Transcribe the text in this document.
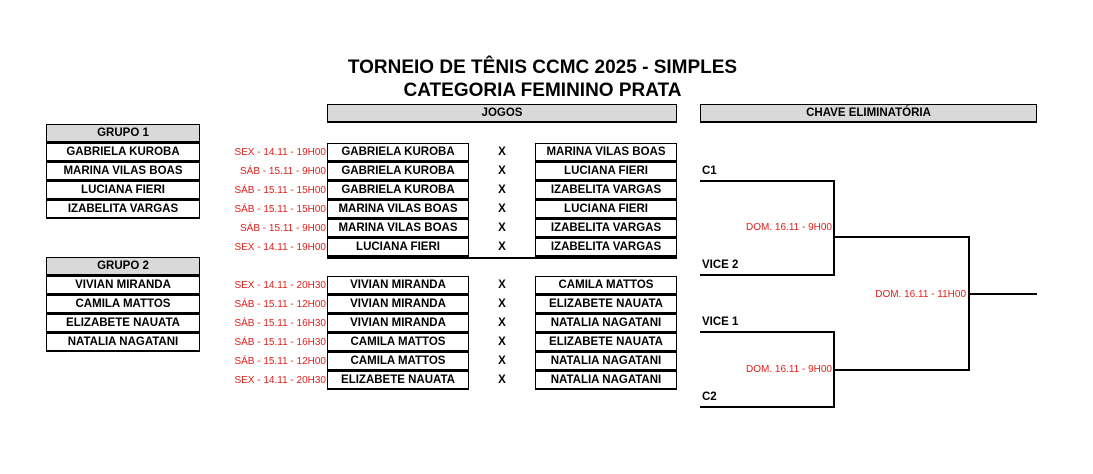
TORNEIO DE TÊNIS CCMC 2025 - SIMPLES
CATEGORIA FEMININO PRATA
JOGOS	CHAVE ELIMINATÓRIA
GRUPO 1
GABRIELA KUROBA
MARINA VILAS BOAS
LUCIANA FIERI
IZABELITA VARGAS
GRUPO 2
VIVIAN MIRANDA
CAMILA MATTOS
ELIZABETE NAUATA
NATALIA NAGATANI
SEX - 14.11 - 19H00	GABRIELA KUROBA	X	MARINA VILAS BOAS
SÁB - 15.11 - 9H00	GABRIELA KUROBA	X	LUCIANA FIERI
SÁB - 15.11 - 15H00	GABRIELA KUROBA	X	IZABELITA VARGAS
SÁB - 15.11 - 15H00	MARINA VILAS BOAS	X	LUCIANA FIERI
SÁB - 15.11 - 9H00	MARINA VILAS BOAS	X	IZABELITA VARGAS
SEX - 14.11 - 19H00	LUCIANA FIERI	X	IZABELITA VARGAS
SEX - 14.11 - 20H30	VIVIAN MIRANDA	X	CAMILA MATTOS
SÁB - 15.11 - 12H00	VIVIAN MIRANDA	X	ELIZABETE NAUATA
SÁB - 15.11 - 16H30	VIVIAN MIRANDA	X	NATALIA NAGATANI
SÁB - 15.11 - 16H30	CAMILA MATTOS	X	ELIZABETE NAUATA
SÁB - 15.11 - 12H00	CAMILA MATTOS	X	NATALIA NAGATANI
SEX - 14.11 - 20H30	ELIZABETE NAUATA	X	NATALIA NAGATANI
C1
VICE 2
VICE 1
C2
DOM. 16.11 - 9H00
DOM. 16.11 - 9H00
DOM. 16.11 - 11H00
